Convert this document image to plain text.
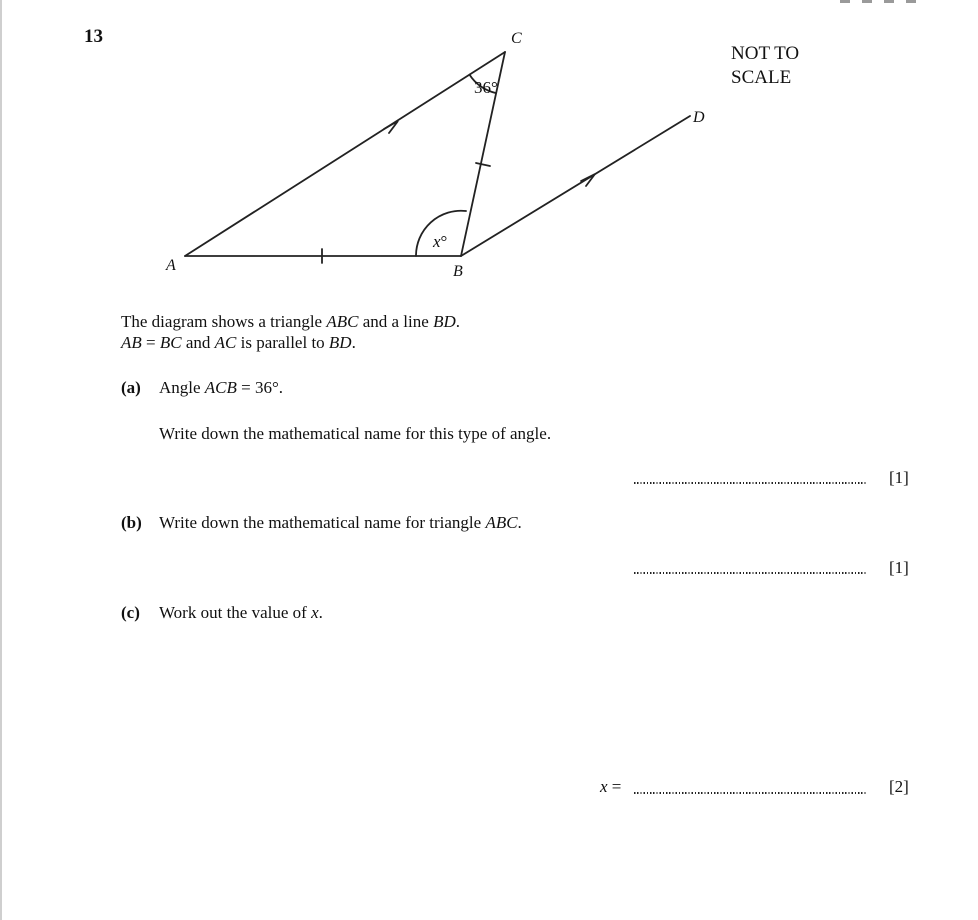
13
NOT TO
SCALE
A	B
C
D
36°
x°
The diagram shows a triangle ABC and a line BD.
AB = BC and AC is parallel to BD.
(a) Angle ACB = 36°.
Write down the mathematical name for this type of angle.
[1]
(b) Write down the mathematical name for triangle ABC.
[1]
(c) Work out the value of x.
x =	[2]
